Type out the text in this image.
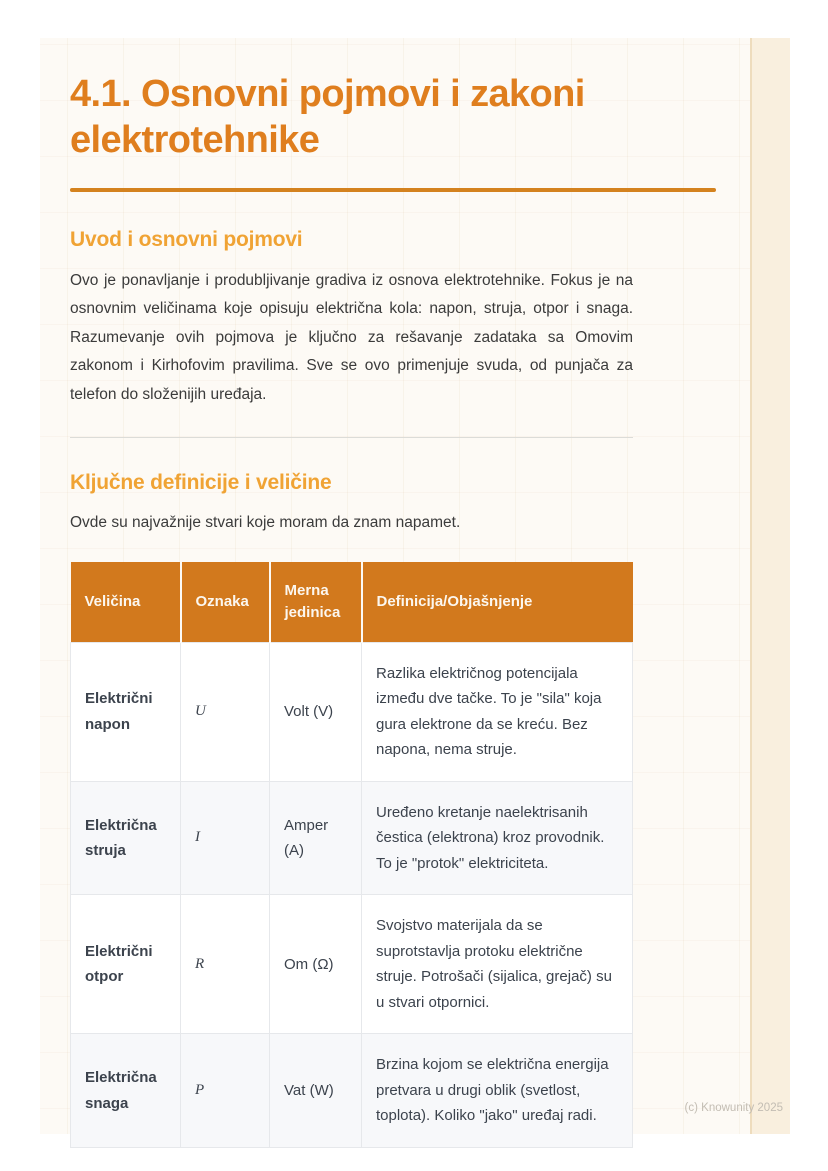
4.1. Osnovni pojmovi i zakoni elektrotehnike
Uvod i osnovni pojmovi

Ovo je ponavljanje i produbljivanje gradiva iz osnova elektrotehnike. Fokus je na osnovnim veličinama koje opisuju električna kola: napon, struja, otpor i snaga. Razumevanje ovih pojmova je ključno za rešavanje zadataka sa Omovim zakonom i Kirhofovim pravilima. Sve se ovo primenjuje svuda, od punjača za telefon do složenijih uređaja.

Ključne definicije i veličine

Ovde su najvažnije stvari koje moram da znam napamet.

Veličina	Oznaka	Merna jedinica	Definicija/Objašnjenje
Električni napon	U	Volt (V)	Razlika električnog potencijala između dve tačke. To je "sila" koja gura elektrone da se kreću. Bez napona, nema struje.
Električna struja	I	Amper (A)	Uređeno kretanje naelektrisanih čestica (elektrona) kroz provodnik. To je "protok" elektriciteta.
Električni otpor	R	Om (Ω)	Svojstvo materijala da se suprotstavlja protoku električne struje. Potrošači (sijalica, grejač) su u stvari otpornici.
Električna snaga	P	Vat (W)	Brzina kojom se električna energija pretvara u drugi oblik (svetlost, toplota). Koliko "jako" uređaj radi.	(c) Knowunity 2025
